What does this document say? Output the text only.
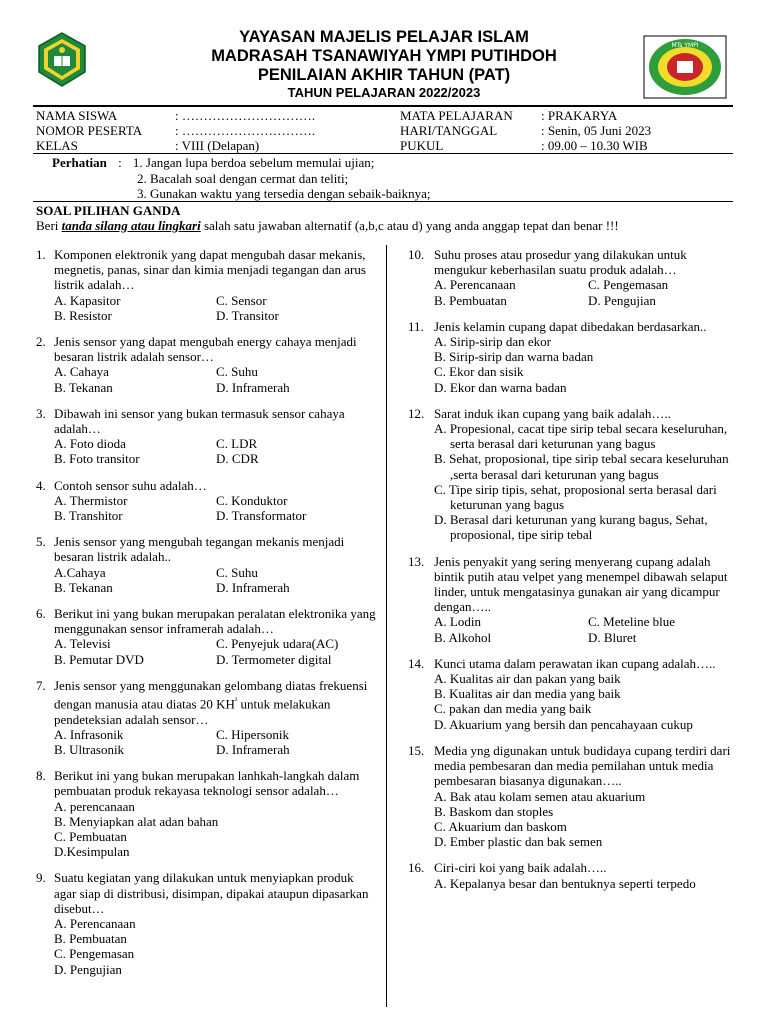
YAYASAN MAJELIS PELAJAR ISLAM
MADRASAH TSANAWIYAH YMPI PUTIHDOH
PENILAIAN AKHIR TAHUN (PAT)
TAHUN PELAJARAN 2022/2023
MTs YMPI
NAMA SISWA	: ………………………….
NOMOR PESERTA	: ………………………….
KELAS	: VIII (Delapan)
MATA PELAJARAN : PRAKARYA
HARI/TANGGAL	: Senin, 05 Juni 2023
PUKUL	: 09.00 – 10.30 WIB
Perhatian : 1. Jangan lupa berdoa sebelum memulai ujian;
2. Bacalah soal dengan cermat dan teliti;
3. Gunakan waktu yang tersedia dengan sebaik-baiknya;
SOAL PILIHAN GANDA
Beri tanda silang atau lingkari salah satu jawaban alternatif (a,b,c atau d) yang anda anggap tepat dan benar !!!
1. Komponen elektronik yang dapat mengubah dasar mekanis, megnetis, panas, sinar dan kimia menjadi tegangan dan arus listrik adalah…
A. Kapasitor	C. Sensor
B. Resistor	D. Transitor
2. Jenis sensor yang dapat mengubah energy cahaya menjadi besaran listrik adalah sensor…
A. Cahaya	C. Suhu
B. Tekanan	D. Inframerah
3. Dibawah ini sensor yang bukan termasuk sensor cahaya adalah…
A. Foto dioda	C. LDR
B. Foto transitor	D. CDR
4. Contoh sensor suhu adalah…
A. Thermistor	C. Konduktor
B. Transhitor	D. Transformator
5. Jenis sensor yang mengubah tegangan mekanis menjadi besaran listrik adalah..
A.Cahaya	C. Suhu
B. Tekanan	D. Inframerah
6. Berikut ini yang bukan merupakan peralatan elektronika yang menggunakan sensor inframerah adalah…
A. Televisi	C. Penyejuk udara(AC)
B. Pemutar DVD	D. Termometer digital
7. Jenis sensor yang menggunakan gelombang diatas frekuensi dengan manusia atau diatas 20 $KH^{^2}$ untuk melakukan pendeteksian adalah sensor…
A. Infrasonik	C. Hipersonik
B. Ultrasonik	D. Inframerah
8. Berikut ini yang bukan merupakan lanhkah-langkah dalam pembuatan produk rekayasa teknologi sensor adalah…
A. perencanaan
B. Menyiapkan alat adan bahan
C. Pembuatan
D.Kesimpulan
9. Suatu kegiatan yang dilakukan untuk menyiapkan produk agar siap di distribusi, disimpan, dipakai ataupun dipasarkan disebut…
A. Perencanaan
B. Pembuatan
C. Pengemasan
D. Pengujian
10. Suhu proses atau prosedur yang dilakukan untuk mengukur keberhasilan suatu produk adalah…
A. Perencanaan	C. Pengemasan
B. Pembuatan	D. Pengujian
11. Jenis kelamin cupang dapat dibedakan berdasarkan..
A. Sirip-sirip dan ekor
B. Sirip-sirip dan warna badan
C. Ekor dan sisik
D. Ekor dan warna badan
12. Sarat induk ikan cupang yang baik adalah…..
A. Propesional, cacat tipe sirip tebal secara keseluruhan, serta berasal dari keturunan yang bagus
B. Sehat, proposional, tipe sirip tebal secara keseluruhan ,serta berasal dari keturunan yang bagus
C. Tipe sirip tipis, sehat, proposional serta berasal dari keturunan yang bagus
D. Berasal dari keturunan yang kurang bagus, Sehat, proposional, tipe sirip tebal
13. Jenis penyakit yang sering menyerang cupang adalah bintik putih atau velpet yang menempel dibawah selaput linder, untuk mengatasinya gunakan air yang dicampur dengan…..
A. Lodin	C. Meteline blue
B. Alkohol	D. Bluret
14. Kunci utama dalam perawatan ikan cupang adalah…..
A. Kualitas air dan pakan yang baik
B. Kualitas air dan media yang baik
C. pakan dan media yang baik
D. Akuarium yang bersih dan pencahayaan cukup
15. Media yng digunakan untuk budidaya cupang terdiri dari media pembesaran dan media pemilahan untuk media pembesaran biasanya digunakan…..
A. Bak atau kolam semen atau akuarium
B. Baskom dan stoples
C. Akuarium dan baskom
D. Ember plastic dan bak semen
16. Ciri-ciri koi yang baik adalah…..
A. Kepalanya besar dan bentuknya seperti terpedo
